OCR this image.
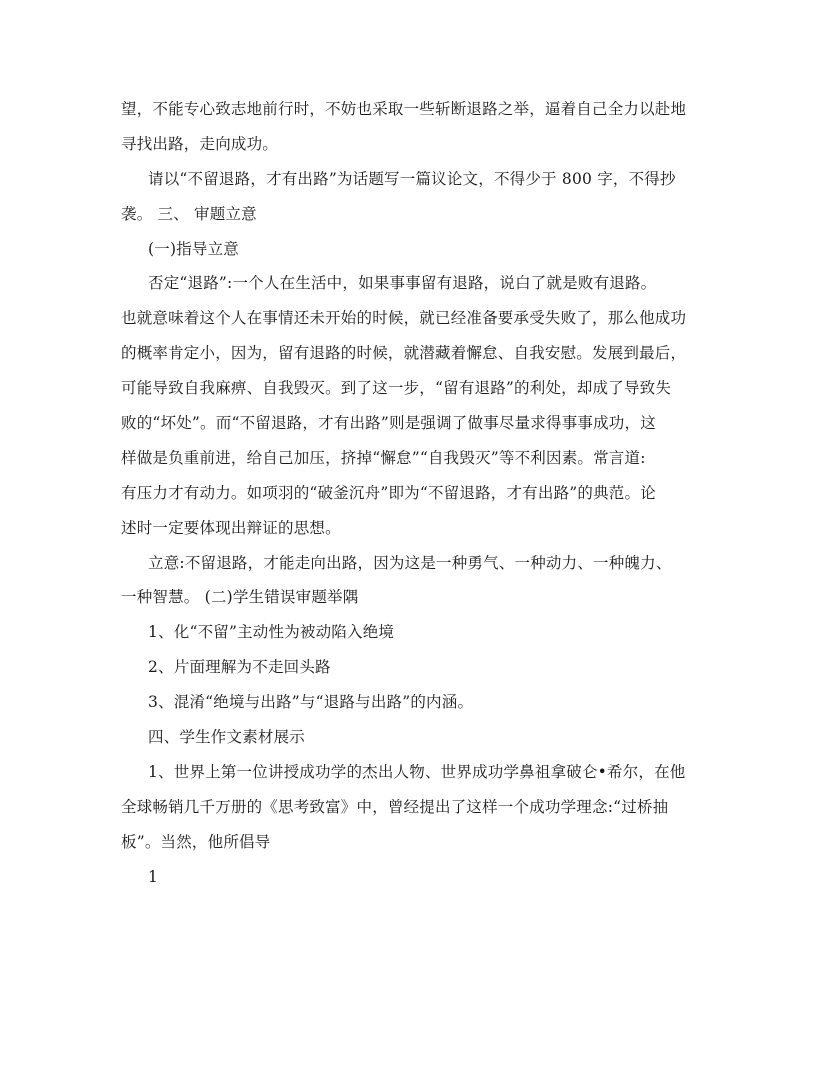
望，不能专心致志地前行时，不妨也采取一些斩断退路之举，逼着自己全力以赴地
寻找出路，走向成功。
请以“不留退路，才有出路”为话题写一篇议论文，不得少于 800 字，不得抄
袭。 三、 审题立意
(一)指导立意
否定“退路”:一个人在生活中，如果事事留有退路，说白了就是败有退路。
也就意味着这个人在事情还未开始的时候，就已经准备要承受失败了，那么他成功
的概率肯定小，因为，留有退路的时候，就潜藏着懈怠、自我安慰。发展到最后，
可能导致自我麻痹、自我毁灭。到了这一步，“留有退路”的利处，却成了导致失
败的“坏处”。而“不留退路，才有出路”则是强调了做事尽量求得事事成功，这
样做是负重前进，给自己加压，挤掉“懈怠”“自我毁灭”等不利因素。常言道:
有压力才有动力。如项羽的“破釜沉舟”即为“不留退路，才有出路”的典范。论
述时一定要体现出辩证的思想。
立意:不留退路，才能走向出路，因为这是一种勇气、一种动力、一种魄力、
一种智慧。 (二)学生错误审题举隅
1、化“不留”主动性为被动陷入绝境
2、片面理解为不走回头路
3、混淆“绝境与出路”与“退路与出路”的内涵。
四、学生作文素材展示
1、世界上第一位讲授成功学的杰出人物、世界成功学鼻祖拿破仑•希尔，在他
全球畅销几千万册的《思考致富》中，曾经提出了这样一个成功学理念:“过桥抽
板”。当然，他所倡导
1
